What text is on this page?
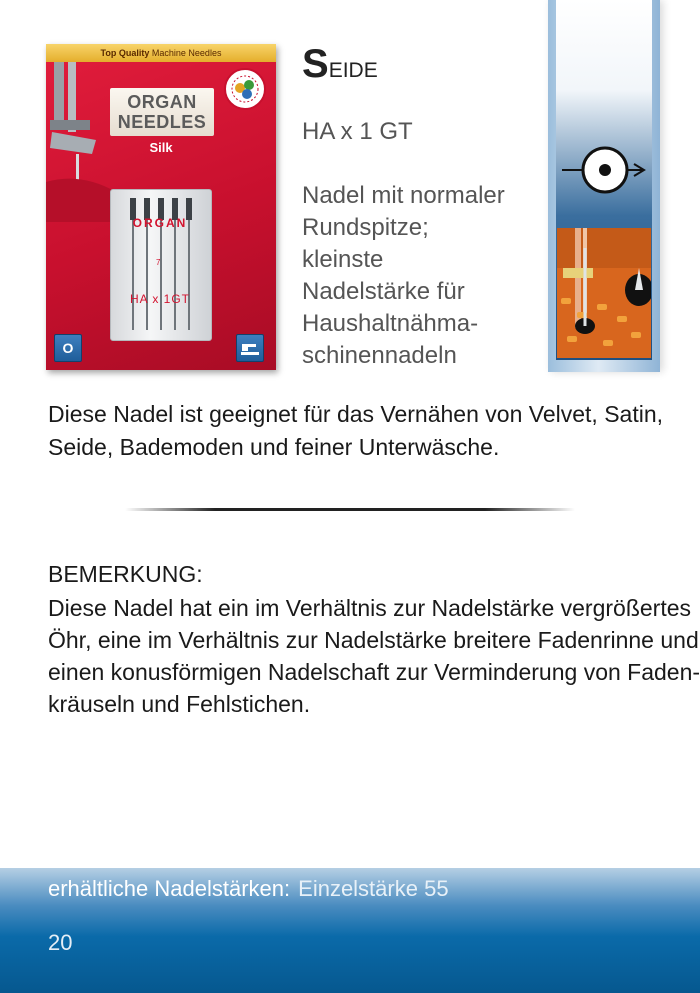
Top Quality Machine Needles
ORGAN
NEEDLES
Silk
ORGAN
7
HA x 1GT
O
Seide
HA x 1 GT

Nadel mit normaler
Rundspitze;
kleinste
Nadelstärke für
Haushaltnähma-
schinennadeln

Diese Nadel ist geeignet für das Vernähen von Velvet, Satin, Seide, Bademoden und feiner Unterwäsche.

BEMERKUNG:

Diese Nadel hat ein im Verhältnis zur Nadelstärke vergrößertes
Öhr, eine im Verhältnis zur Nadelstärke breitere Fadenrinne und
einen konusförmigen Nadelschaft zur Verminderung von Faden-
kräuseln und Fehlstichen.

erhältliche Nadelstärken: Einzelstärke 55
20
